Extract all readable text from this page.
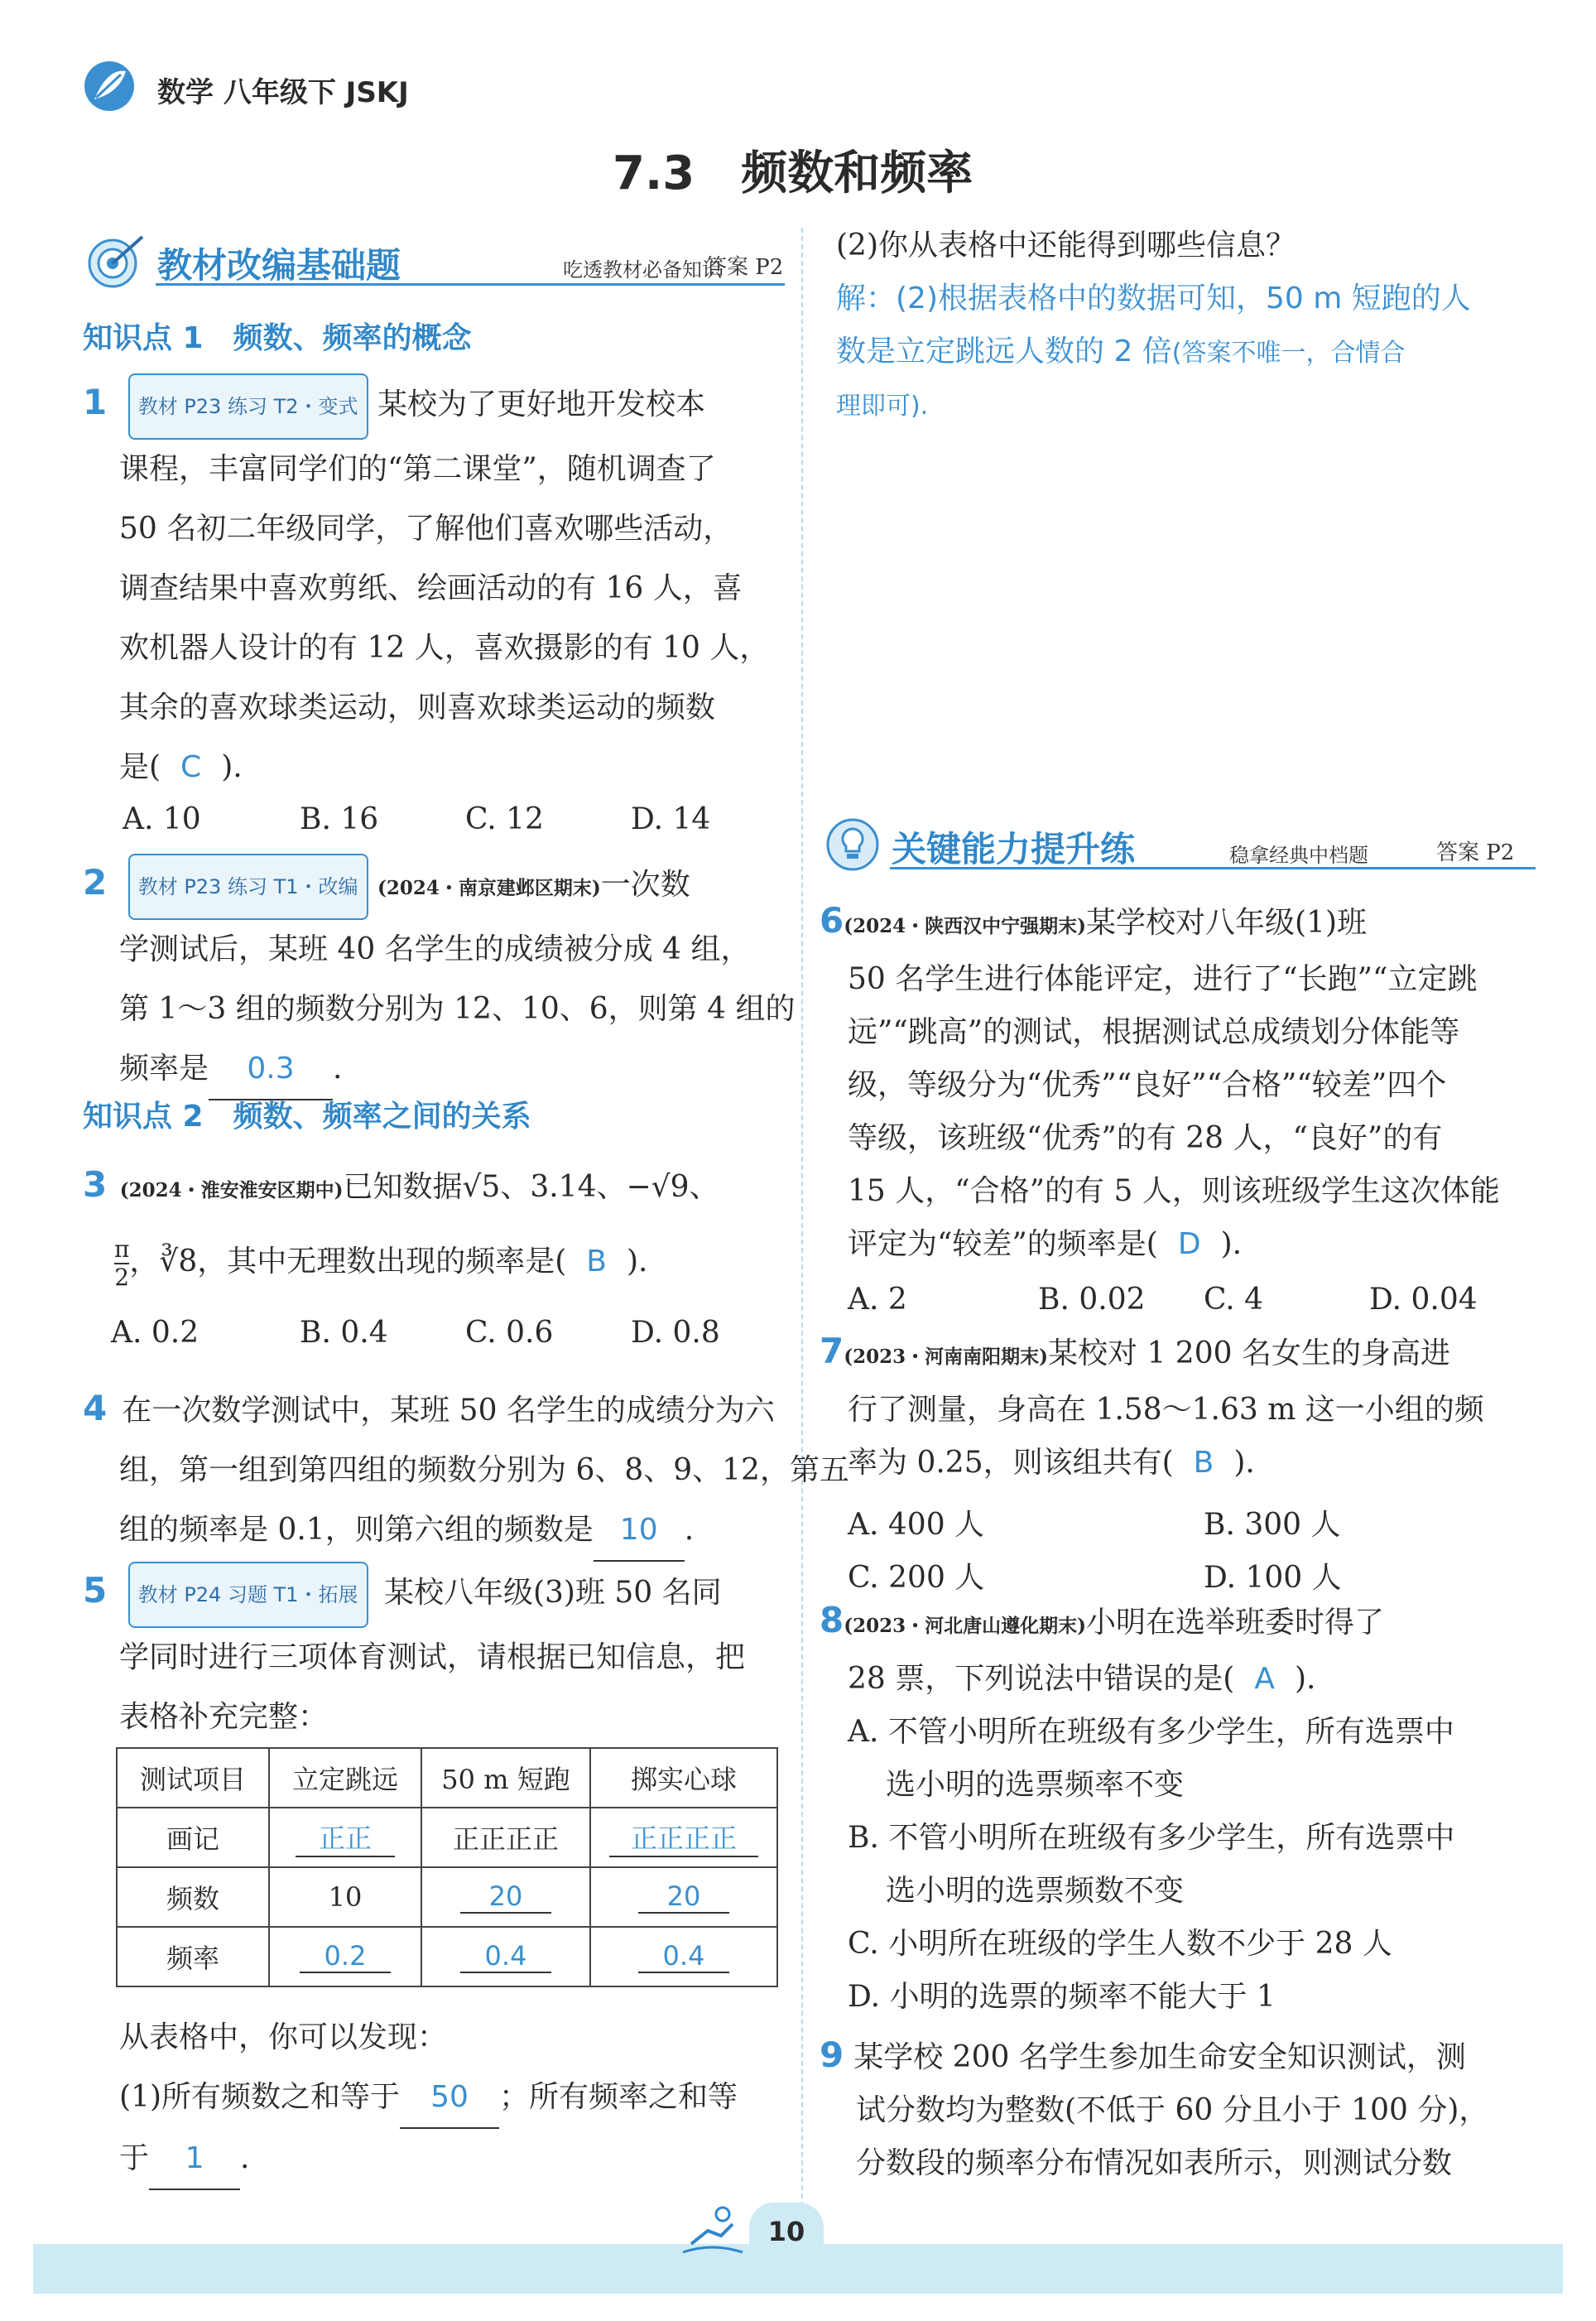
数学 八年级下 JSKJ
7.3　频数和频率
教材改编基础题	吃透教材必备知识
答案 P2
知识点 1　频数、频率的概念
1 教材 P23 练习 T2・变式 某校为了更好地开发校本
课程，丰富同学们的“第二课堂”，随机调查了
50 名初二年级同学，了解他们喜欢哪些活动，
调查结果中喜欢剪纸、绘画活动的有 16 人，喜
欢机器人设计的有 12 人，喜欢摄影的有 10 人，
其余的喜欢球类运动，则喜欢球类运动的频数
是( C ).
A. 10	B. 16	C. 12	D. 14
2 教材 P23 练习 T1・改编 (2024・南京建邺区期末)一次数
学测试后，某班 40 名学生的成绩被分成 4 组，
第 1～3 组的频数分别为 12、10、6，则第 4 组的
频率是 0.3 .
知识点 2　频数、频率之间的关系
3 (2024・淮安淮安区期中)已知数据√5、3.14、−√9、
$\frac{\pi}{2}$ ，∛8，其中无理数出现的频率是( B ).
A. 0.2	B. 0.4	C. 0.6	D. 0.8
4 在一次数学测试中，某班 50 名学生的成绩分为六
组，第一组到第四组的频数分别为 6、8、9、12，第五
组的频率是 0.1，则第六组的频数是 10 .
5 教材 P24 习题 T1・拓展 某校八年级(3)班 50 名同
学同时进行三项体育测试，请根据已知信息，把
表格补充完整：
测试项目	立定跳远	50 m 短跑	掷实心球
画记	正正	正正正正	正正正正
频数	10	20	20
频率	0.2	0.4	0.4
从表格中，你可以发现：
(1)所有频数之和等于 50 ；所有频率之和等
于 1 .
(2)你从表格中还能得到哪些信息？
解：(2)根据表格中的数据可知，50 m 短跑的人
数是立定跳远人数的 2 倍(答案不唯一，合情合
理即可).
关键能力提升练	稳拿经典中档题	答案 P2
6(2024・陕西汉中宁强期末)某学校对八年级(1)班
50 名学生进行体能评定，进行了“长跑”“立定跳
远”“跳高”的测试，根据测试总成绩划分体能等
级，等级分为“优秀”“良好”“合格”“较差”四个
等级，该班级“优秀”的有 28 人，“良好”的有
15 人，“合格”的有 5 人，则该班级学生这次体能
评定为“较差”的频率是( D ).
A. 2	B. 0.02 C. 4	D. 0.04
7(2023・河南南阳期末)某校对 1 200 名女生的身高进
行了测量，身高在 1.58～1.63 m 这一小组的频
率为 0.25，则该组共有( B ).
A. 400 人	B. 300 人
C. 200 人	D. 100 人
8(2023・河北唐山遵化期末)小明在选举班委时得了
28 票，下列说法中错误的是( A ).
A. 不管小明所在班级有多少学生，所有选票中
选小明的选票频率不变
B. 不管小明所在班级有多少学生，所有选票中
选小明的选票频数不变
C. 小明所在班级的学生人数不少于 28 人
D. 小明的选票的频率不能大于 1
9 某学校 200 名学生参加生命安全知识测试，测
试分数均为整数(不低于 60 分且小于 100 分)，
分数段的频率分布情况如表所示，则测试分数
10
